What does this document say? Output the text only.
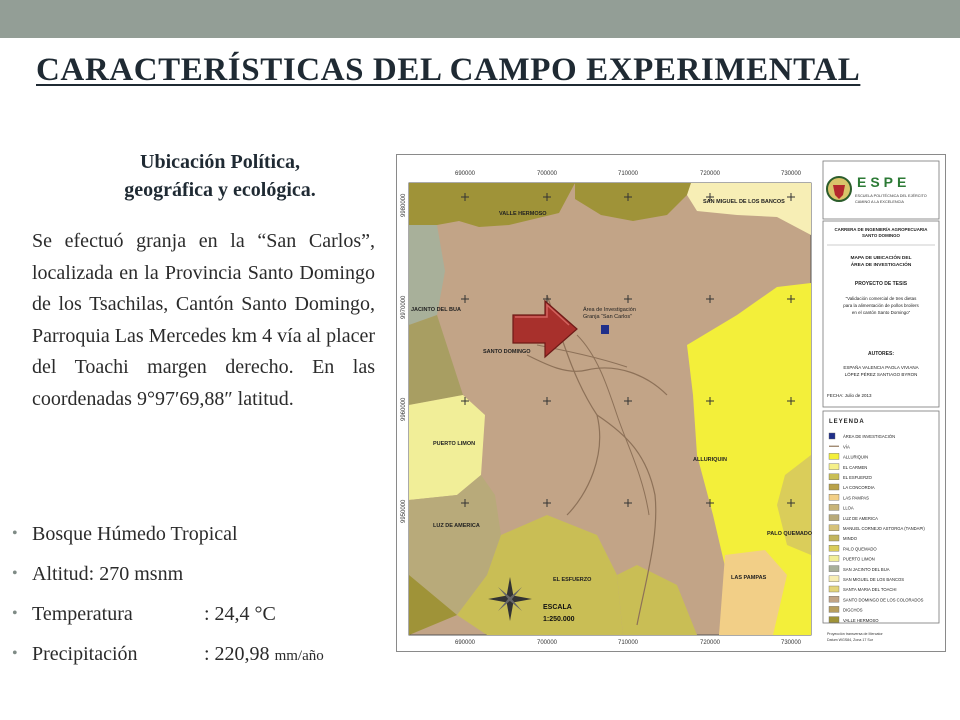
CARACTERÍSTICAS DEL CAMPO EXPERIMENTAL
Ubicación Política,
geográfica y ecológica.
Se efectuó granja en la “San Carlos”, localizada en la Provincia Santo Domingo de los Tsachilas, Cantón Santo Domingo, Parroquia Las Mercedes km 4 vía al placer del Toachi margen derecho. En las coordenadas 9°97′69,88″ latitud.
• Bosque Húmedo Tropical
• Altitud: 270 msnm
• Temperatura	: 24,4 °C
• Precipitación	: 220,98 mm/año
690000	700000	710000	720000	730000
690000	700000	710000	720000	730000
9980000
9970000
9960000
9950000
VALLE HERMOSO
SAN MIGUEL DE LOS BANCOS
JACINTO DEL BUA
SANTO DOMINGO
PUERTO LIMON
LUZ DE AMERICA
ALLURIQUIN
PALO QUEMADO
LAS PAMPAS
EL ESFUERZO
Área de Investigación
Granja “San Carlos”
ESCALA
1:250.000
ESPE
ESCUELA POLITÉCNICA DEL EJÉRCITO
CAMINO A LA EXCELENCIA
CARRERA DE INGENIERÍA AGROPECUARIA
SANTO DOMINGO
MAPA DE UBICACIÓN DEL
ÁREA DE INVESTIGACIÓN
PROYECTO DE TESIS
“Validación comercial de tres dietas
para la alimentación de pollos broilers
en el cantón Santo Domingo”
AUTORES:
ESPAÑA VALENCIA PAOLA VIVIANA
LÓPEZ PÉREZ SANTIAGO BYRON
FECHA: Julio de 2013
LEYENDA
ÁREA DE INVESTIGACIÓN
VÍA
ALLURIQUIN
EL CARMEN
EL ESFUERZO
LA CONCORDIA
LAS PAMPAS
LLOA
LUZ DE AMERICA
MANUEL CORNEJO ASTORGA (TANDAPI)
MINDO
PALO QUEMADO
PUERTO LIMON
SAN JACINTO DEL BUA
SAN MIGUEL DE LOS BANCOS
SANTA MARIA DEL TOACHI
SANTO DOMINGO DE LOS COLORADOS
DIGCHOS
VALLE HERMOSO
Proyección transversa de Mercator
Datum WGS84, Zona 17 Sur
